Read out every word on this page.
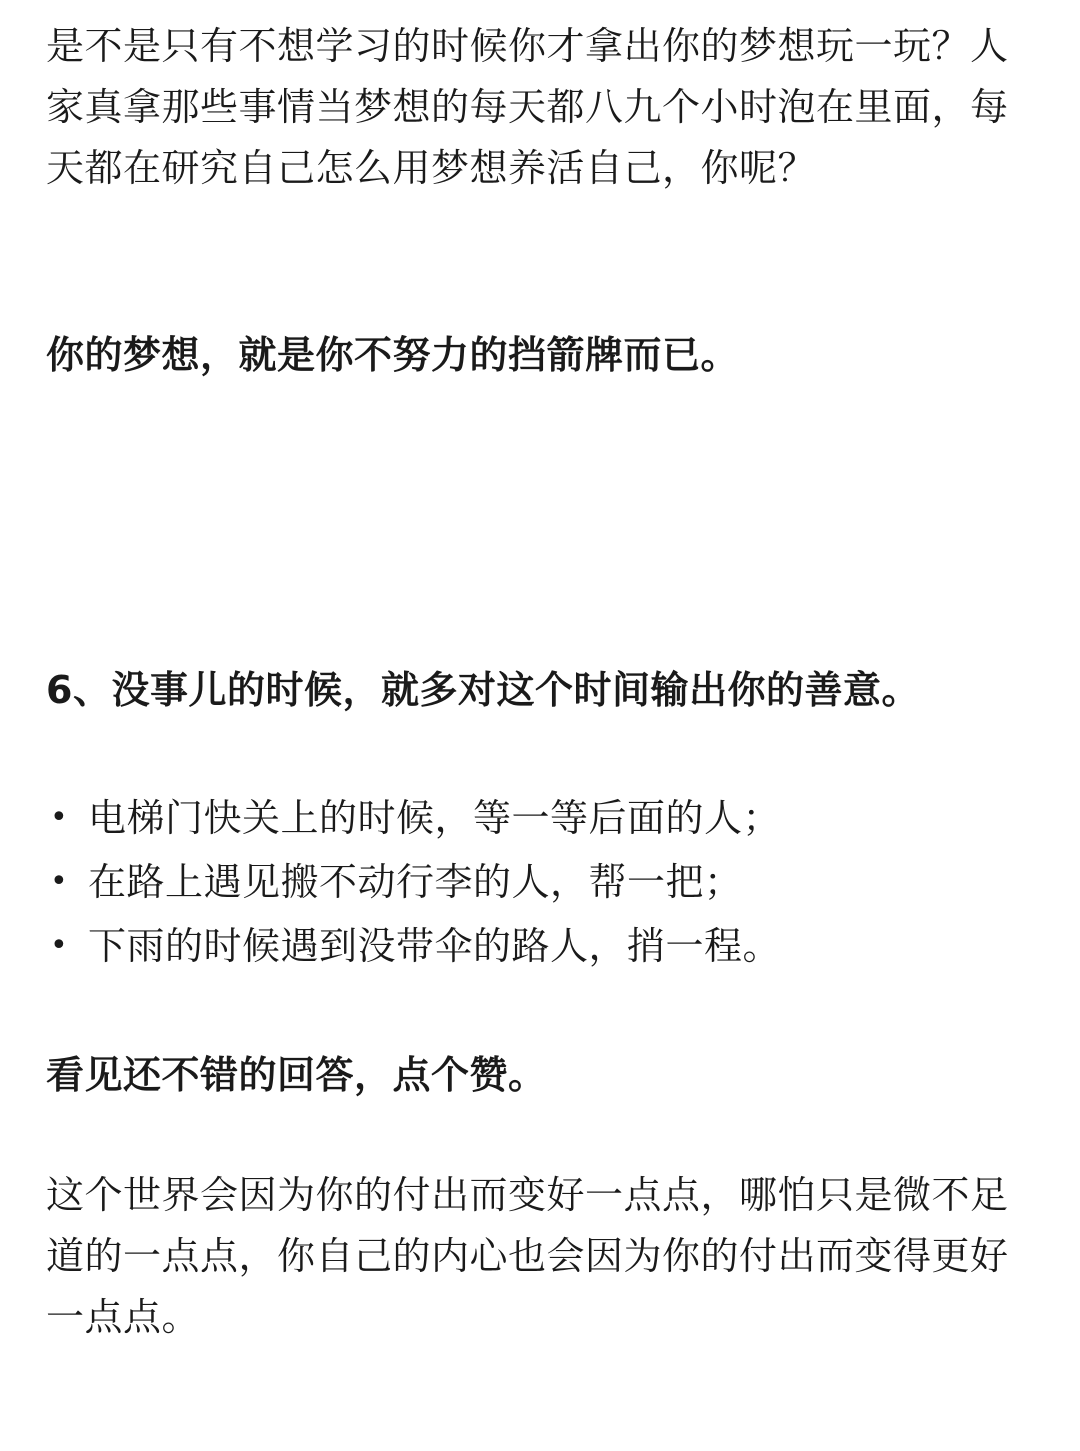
是不是只有不想学习的时候你才拿出你的梦想玩一玩？人家真拿那些事情当梦想的每天都八九个小时泡在里面，每天都在研究自己怎么用梦想养活自己，你呢？

你的梦想，就是你不努力的挡箭牌而已。

6、没事儿的时候，就多对这个时间输出你的善意。

• 电梯门快关上的时候，等一等后面的人；
• 在路上遇见搬不动行李的人，帮一把；
• 下雨的时候遇到没带伞的路人，捎一程。

看见还不错的回答，点个赞。

这个世界会因为你的付出而变好一点点，哪怕只是微不足道的一点点，你自己的内心也会因为你的付出而变得更好一点点。
